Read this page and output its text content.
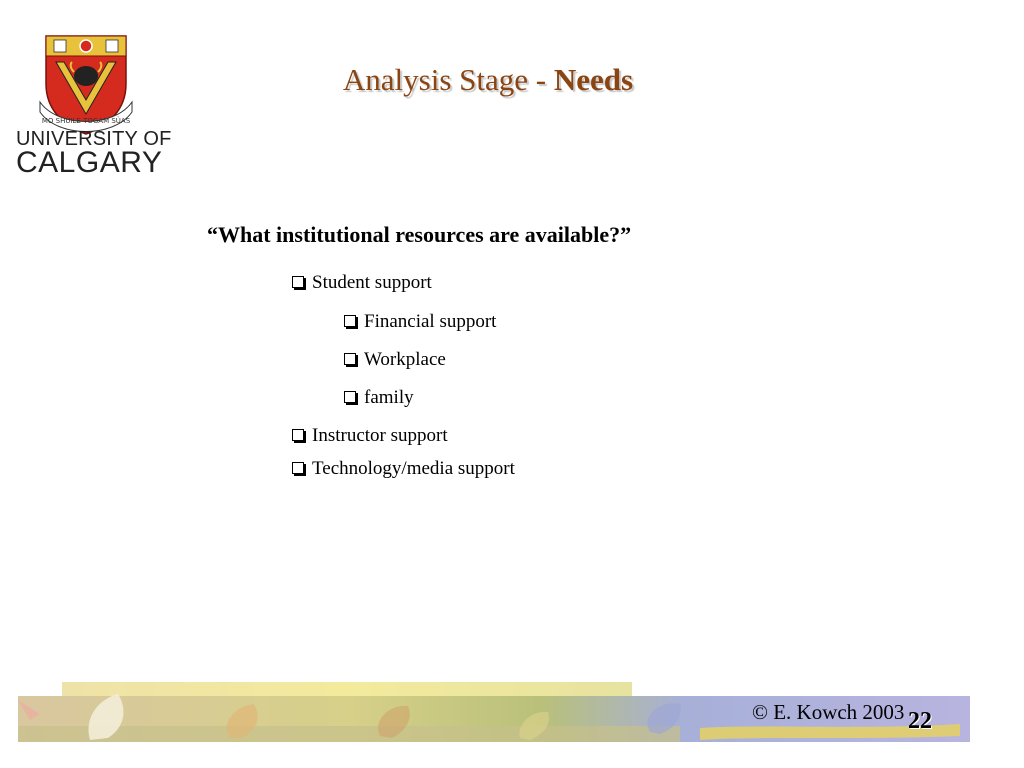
MO SHÙILE TOGAM SÙAS
UNIVERSITY OF
CALGARY
Analysis Stage - Needs
“What institutional resources are available?”
Student support
Financial support
Workplace
family
Instructor support
Technology/media support
© E. Kowch 2003 22
